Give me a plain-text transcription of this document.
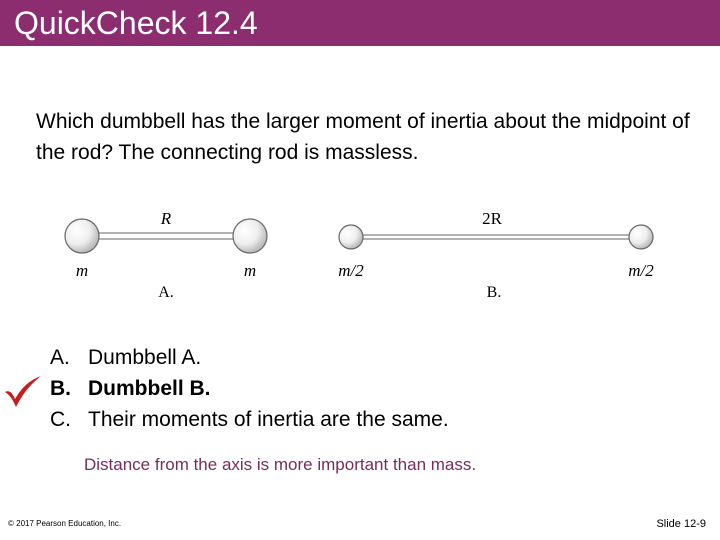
QuickCheck 12.4
Which dumbbell has the larger moment of inertia about the midpoint of the rod? The connecting rod is massless.
R
m	m
A.
2R
m/2	m/2
B.
A. Dumbbell A.
B. Dumbbell B.
C. Their moments of inertia are the same.
Distance from the axis is more important than mass.
© 2017 Pearson Education, Inc.	Slide 12-9
